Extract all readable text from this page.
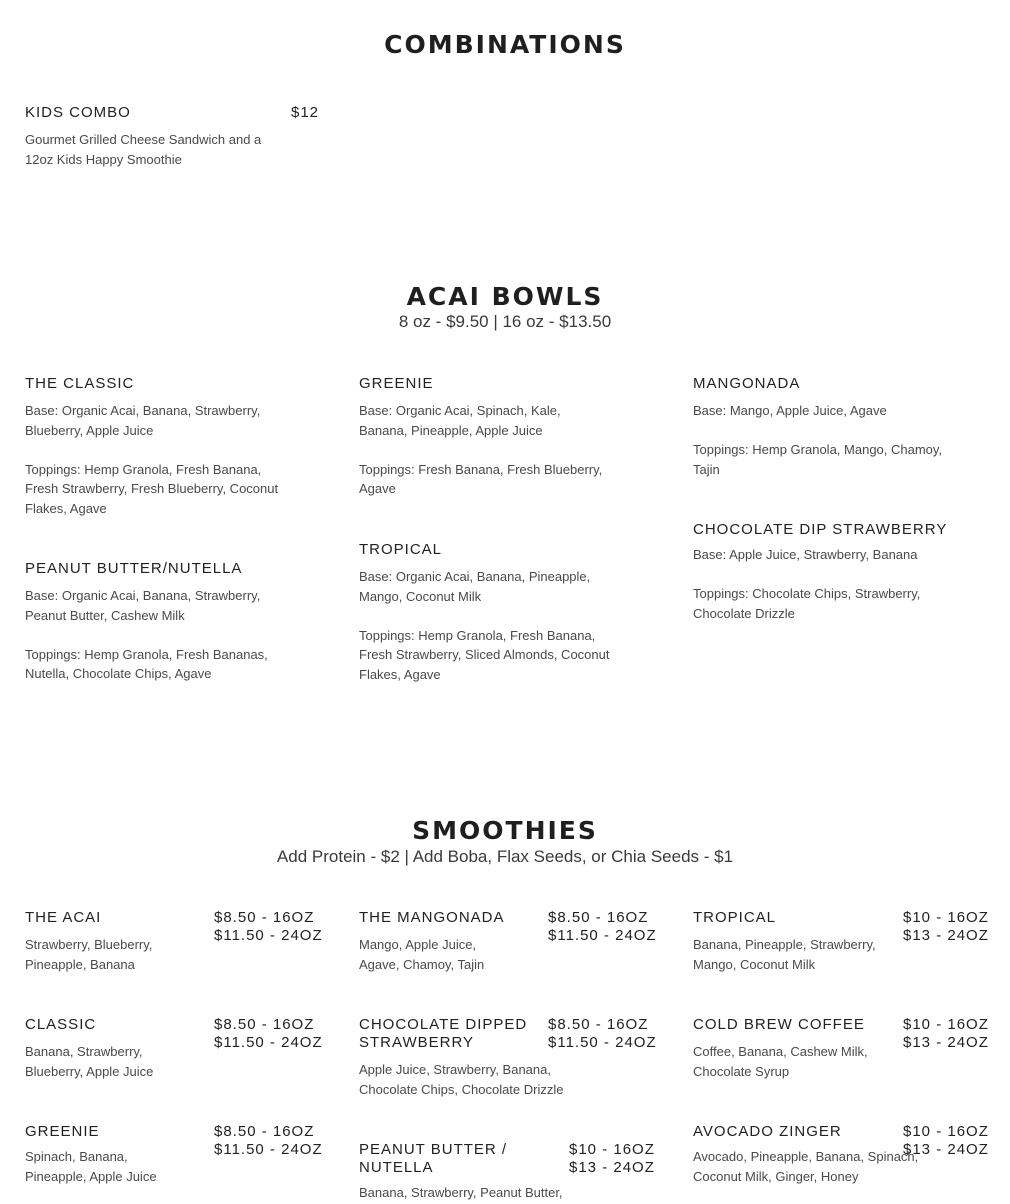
COMBINATIONS
KIDS COMBO
Gourmet Grilled Cheese Sandwich and a 12oz Kids Happy Smoothie
$12
ACAI BOWLS
8 oz - $9.50 | 16 oz - $13.50
THE CLASSIC

Base: Organic Acai, Banana, Strawberry, Blueberry, Apple Juice

Toppings: Hemp Granola, Fresh Banana, Fresh Strawberry, Fresh Blueberry, Coconut Flakes, Agave

GREENIE

Base: Organic Acai, Spinach, Kale, Banana, Pineapple, Apple Juice

Toppings: Fresh Banana, Fresh Blueberry, Agave

MANGONADA

Base: Mango, Apple Juice, Agave

Toppings: Hemp Granola, Mango, Chamoy, Tajin

PEANUT BUTTER/NUTELLA

Base: Organic Acai, Banana, Strawberry, Peanut Butter, Cashew Milk

Toppings: Hemp Granola, Fresh Bananas, Nutella, Chocolate Chips, Agave

TROPICAL

Base: Organic Acai, Banana, Pineapple, Mango, Coconut Milk

Toppings: Hemp Granola, Fresh Banana, Fresh Strawberry, Sliced Almonds, Coconut Flakes, Agave

CHOCOLATE DIP STRAWBERRY

Base: Apple Juice, Strawberry, Banana

Toppings: Chocolate Chips, Strawberry, Chocolate Drizzle

SMOOTHIES
Add Protein - $2 | Add Boba, Flax Seeds, or Chia Seeds - $1
THE ACAI
Strawberry, Blueberry, Pineapple, Banana
$8.50 - 16OZ
$11.50 - 24OZ
THE MANGONADA
Mango, Apple Juice, Agave, Chamoy, Tajin
$8.50 - 16OZ
$11.50 - 24OZ
TROPICAL
Banana, Pineapple, Strawberry, Mango, Coconut Milk
$10 - 16OZ
$13 - 24OZ
CLASSIC
Banana, Strawberry, Blueberry, Apple Juice
$8.50 - 16OZ
$11.50 - 24OZ
CHOCOLATE DIPPED STRAWBERRY
Apple Juice, Strawberry, Banana, Chocolate Chips, Chocolate Drizzle
$8.50 - 16OZ
$11.50 - 24OZ
COLD BREW COFFEE
Coffee, Banana, Cashew Milk, Chocolate Syrup
$10 - 16OZ
$13 - 24OZ
GREENIE
Spinach, Banana, Pineapple, Apple Juice
$8.50 - 16OZ
$11.50 - 24OZ PEANUT BUTTER / NUTELLA
Banana, Strawberry, Peanut Butter,
$10 - 16OZ
$13 - 24OZ
AVOCADO ZINGER
Avocado, Pineapple, Banana, Spinach, Coconut Milk, Ginger, Honey
$10 - 16OZ
$13 - 24OZ
